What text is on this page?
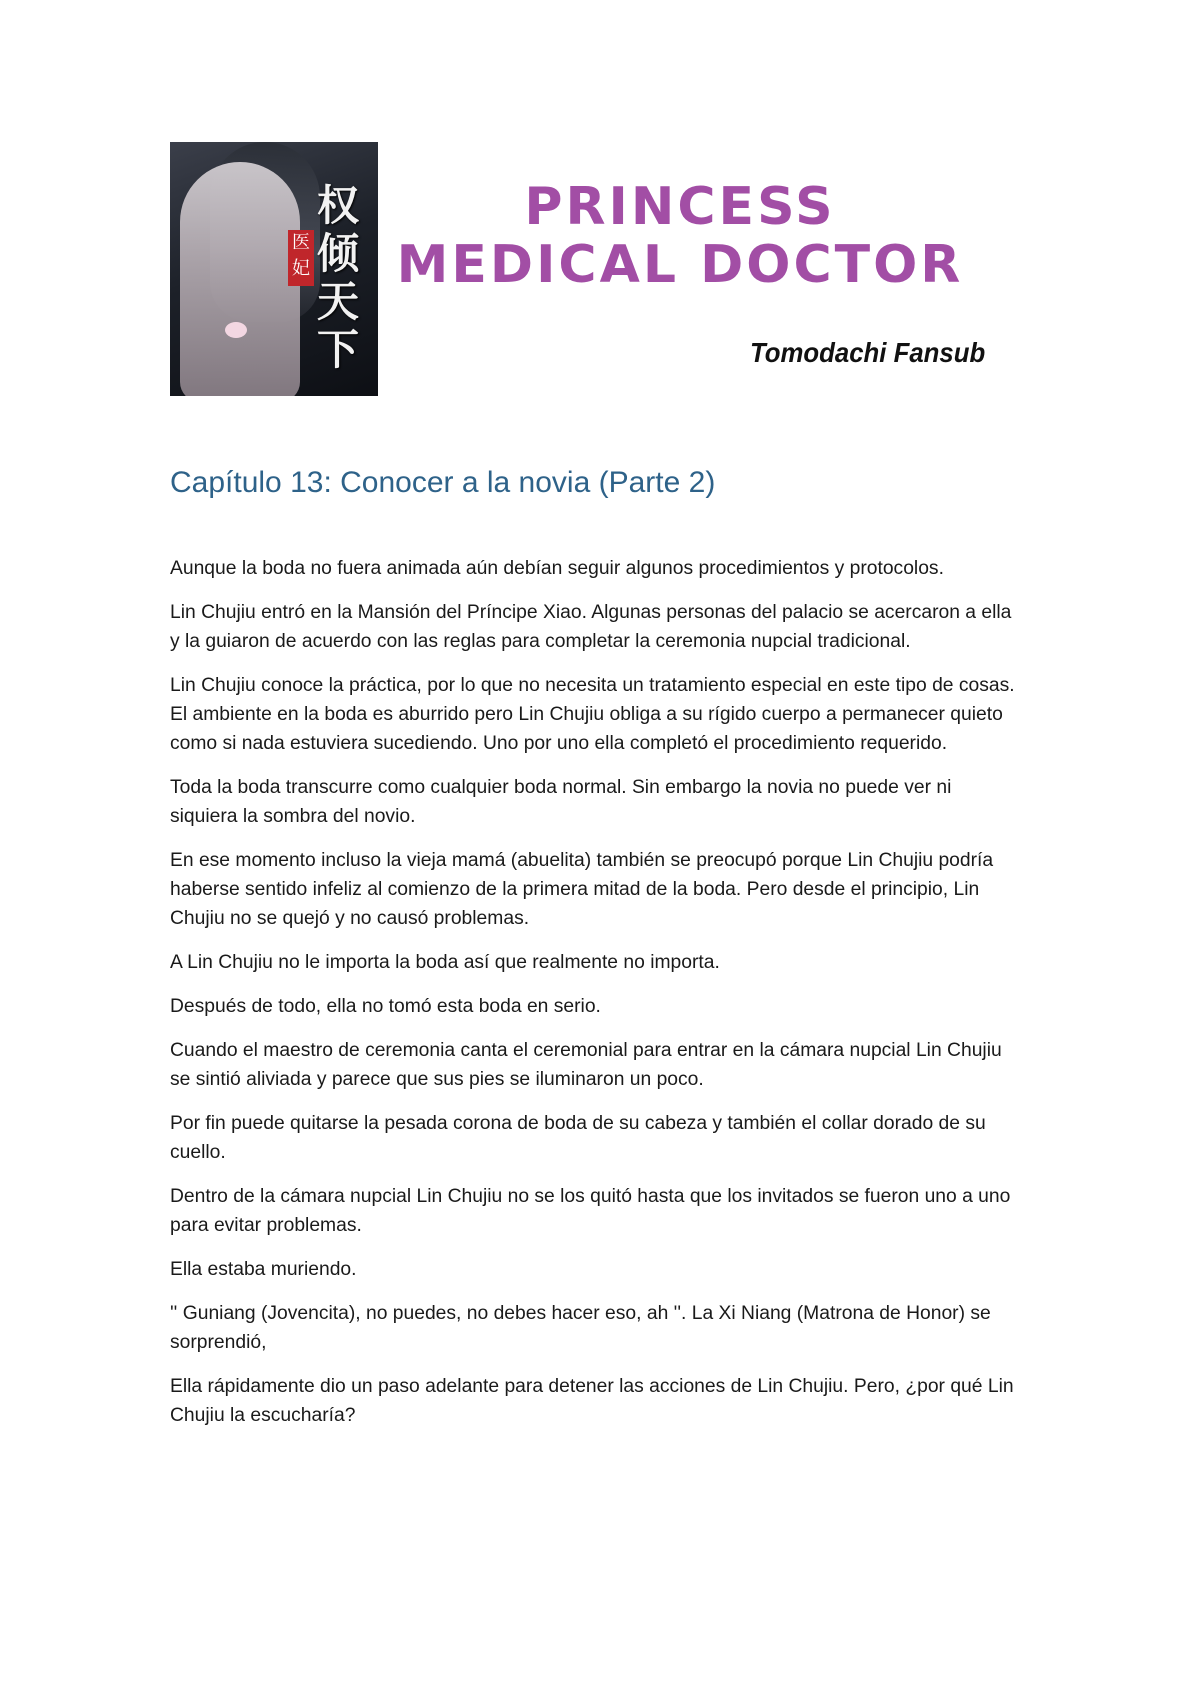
医妃
权倾天下
PRINCESS
MEDICAL DOCTOR
Tomodachi Fansub
Capítulo 13: Conocer a la novia (Parte 2)

Aunque la boda no fuera animada aún debían seguir algunos procedimientos y protocolos.

Lin Chujiu entró en la Mansión del Príncipe Xiao. Algunas personas del palacio se acercaron a ella y la guiaron de acuerdo con las reglas para completar la ceremonia nupcial tradicional.

Lin Chujiu conoce la práctica, por lo que no necesita un tratamiento especial en este tipo de cosas. El ambiente en la boda es aburrido pero Lin Chujiu obliga a su rígido cuerpo a permanecer quieto como si nada estuviera sucediendo. Uno por uno ella completó el procedimiento requerido.

Toda la boda transcurre como cualquier boda normal. Sin embargo la novia no puede ver ni siquiera la sombra del novio.

En ese momento incluso la vieja mamá (abuelita) también se preocupó porque Lin Chujiu podría haberse sentido infeliz al comienzo de la primera mitad de la boda. Pero desde el principio, Lin Chujiu no se quejó y no causó problemas.

A Lin Chujiu no le importa la boda así que realmente no importa.

Después de todo, ella no tomó esta boda en serio.

Cuando el maestro de ceremonia canta el ceremonial para entrar en la cámara nupcial Lin Chujiu se sintió aliviada y parece que sus pies se iluminaron un poco.

Por fin puede quitarse la pesada corona de boda de su cabeza y también el collar dorado de su cuello.

Dentro de la cámara nupcial Lin Chujiu no se los quitó hasta que los invitados se fueron uno a uno para evitar problemas.

Ella estaba muriendo.

'' Guniang (Jovencita), no puedes, no debes hacer eso, ah ''. La Xi Niang (Matrona de Honor) se sorprendió,

Ella rápidamente dio un paso adelante para detener las acciones de Lin Chujiu. Pero, ¿por qué Lin Chujiu la escucharía?
